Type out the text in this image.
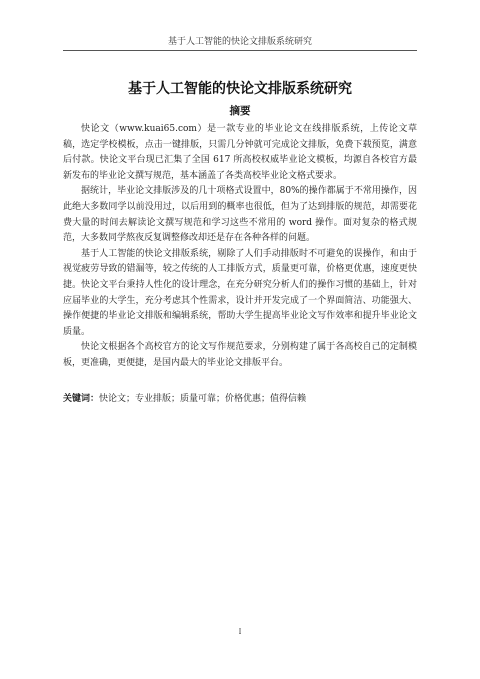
基于人工智能的快论文排版系统研究
基于人工智能的快论文排版系统研究
摘要

快论文（www.kuai65.com）是一款专业的毕业论文在线排版系统，上传论文草稿，选定学校模板，点击一键排版，只需几分钟就可完成论文排版，免费下载预览，满意后付款。快论文平台现已汇集了全国 617 所高校权威毕业论文模板，均源自各校官方最新发布的毕业论文撰写规范，基本涵盖了各类高校毕业论文格式要求。

据统计，毕业论文排版涉及的几十项格式设置中，80%的操作都属于不常用操作，因此绝大多数同学以前没用过，以后用到的概率也很低，但为了达到排版的规范，却需要花费大量的时间去解读论文撰写规范和学习这些不常用的 word 操作。面对复杂的格式规范，大多数同学熬夜反复调整修改却还是存在各种各样的问题。

基于人工智能的快论文排版系统，剔除了人们手动排版时不可避免的误操作，和由于视觉疲劳导致的错漏等，较之传统的人工排版方式，质量更可靠，价格更优惠，速度更快捷。快论文平台秉持人性化的设计理念，在充分研究分析人们的操作习惯的基础上，针对应届毕业的大学生，充分考虑其个性需求，设计并开发完成了一个界面简洁、功能强大、操作便捷的毕业论文排版和编辑系统，帮助大学生提高毕业论文写作效率和提升毕业论文质量。

快论文根据各个高校官方的论文写作规范要求，分别构建了属于各高校自己的定制模板，更准确，更便捷，是国内最大的毕业论文排版平台。

关键词：快论文；专业排版；质量可靠；价格优惠；值得信赖
I
